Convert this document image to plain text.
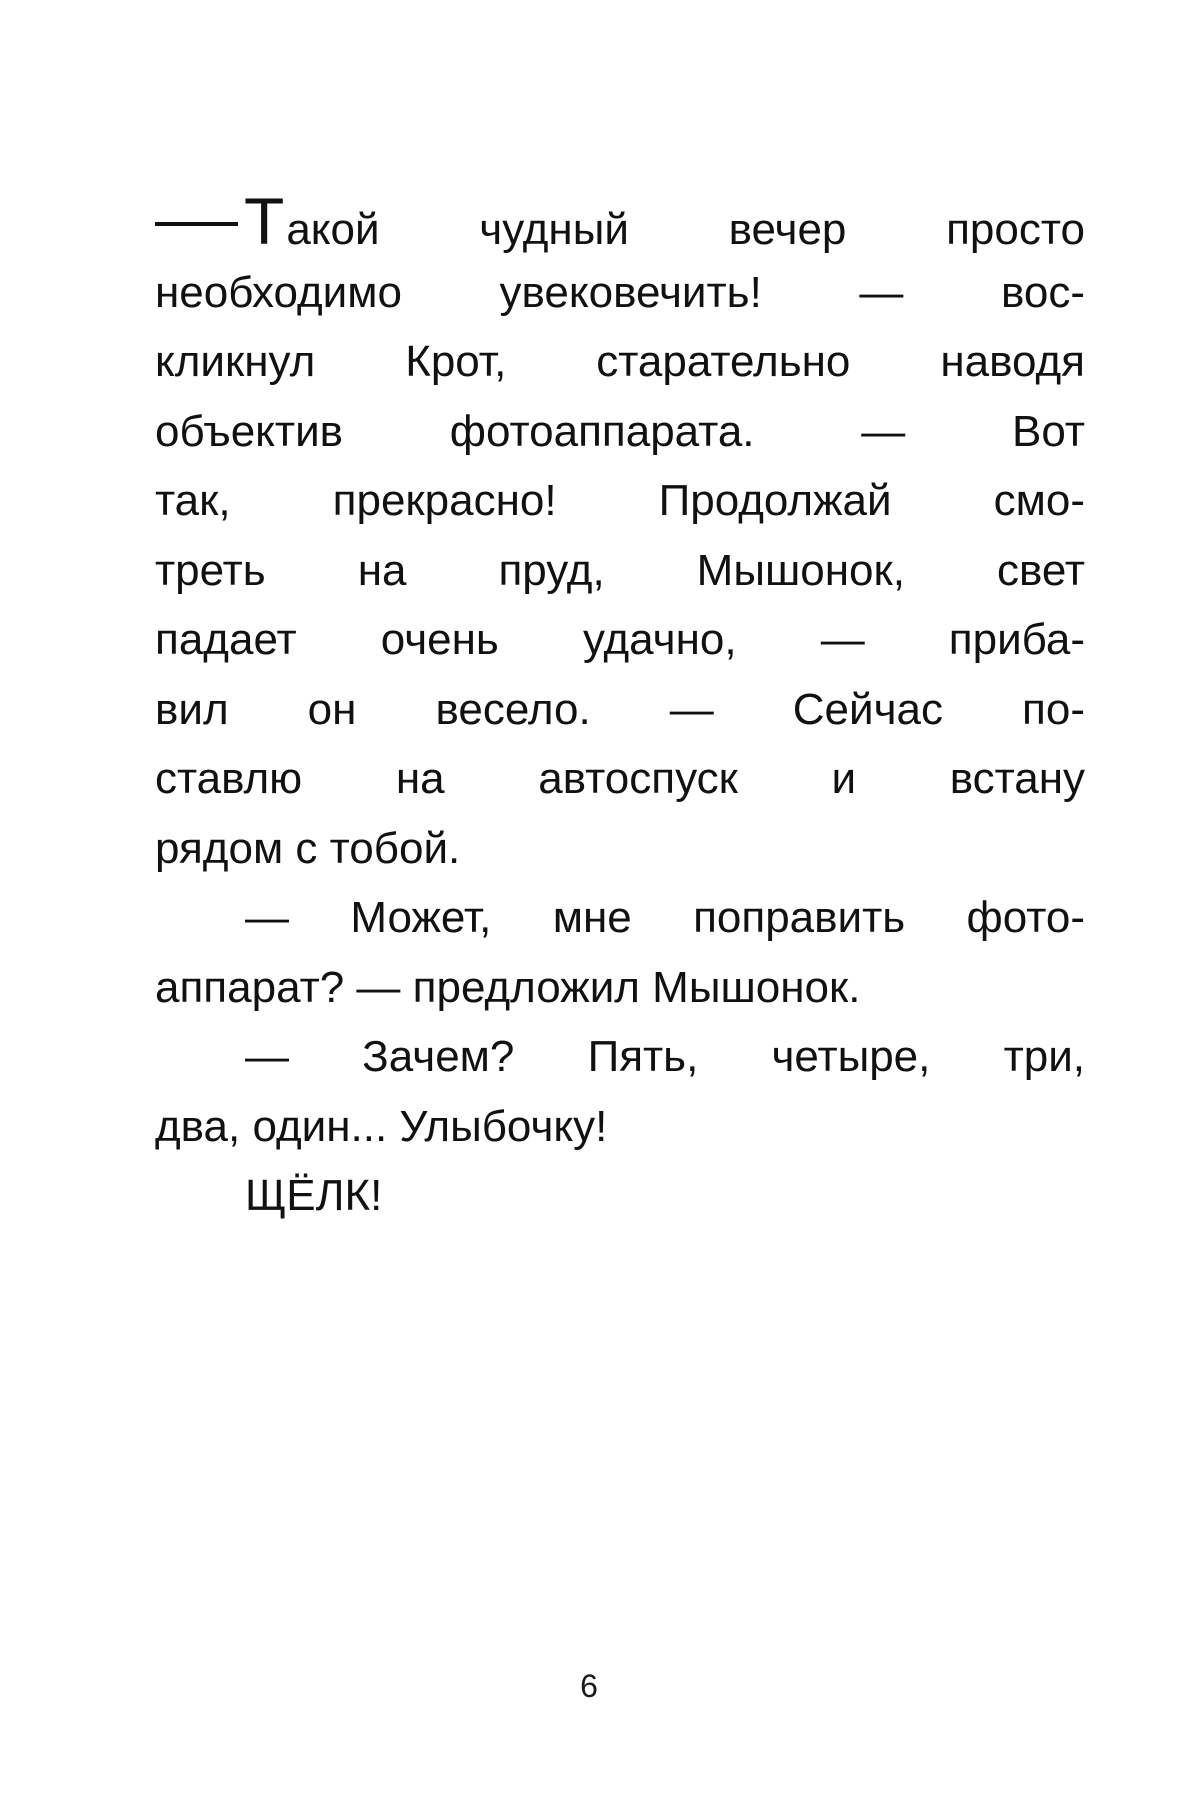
Т акой чудный вечер просто
необходимо увековечить! — вос-
кликнул Крот, старательно наводя
объектив фотоаппарата. — Вот
так, прекрасно! Продолжай смо-
треть на пруд, Мышонок, свет
падает очень удачно, — приба-
вил он весело. — Сейчас по-
ставлю на автоспуск и встану
рядом с тобой.
— Может, мне поправить фото-
аппарат? — предложил Мышонок.
— Зачем? Пять, четыре, три,
два, один... Улыбочку!
ЩЁЛК!
6
